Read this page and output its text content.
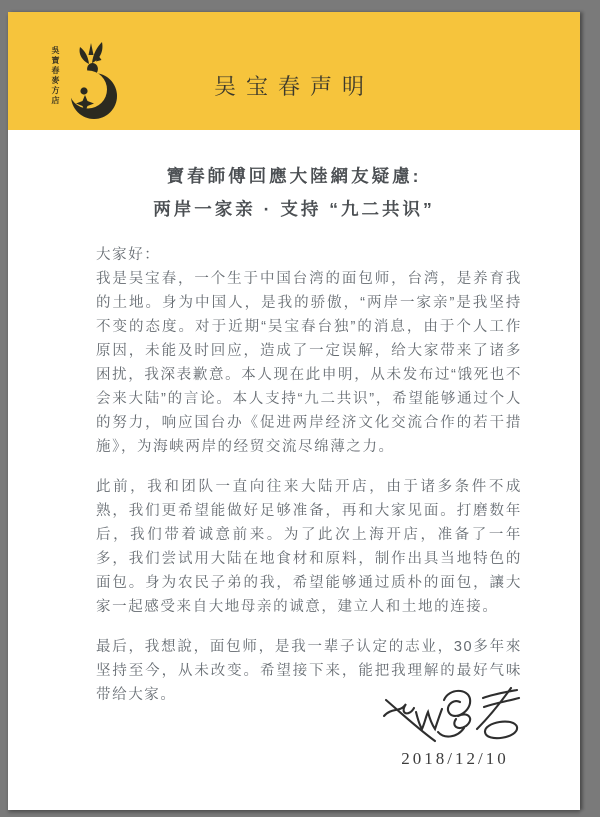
吳寶春麥方店	吴宝春声明
寶春師傅回應大陸網友疑慮:
两岸一家亲 · 支持 “九二共识”
大家好：

我是吴宝春，一个生于中国台湾的面包师，台湾，是养育我的土地。身为中国人，是我的骄傲，“两岸一家亲”是我坚持不变的态度。对于近期“吴宝春台独”的消息，由于个人工作原因，未能及时回应，造成了一定误解，给大家带来了诸多困扰，我深表歉意。本人现在此申明，从未发布过“饿死也不会来大陆”的言论。本人支持“九二共识”，希望能够通过个人的努力，响应国台办《促进两岸经济文化交流合作的若干措施》，为海峡两岸的经贸交流尽绵薄之力。

此前，我和团队一直向往来大陆开店，由于诸多条件不成熟，我们更希望能做好足够准备，再和大家见面。打磨数年后，我们带着诚意前来。为了此次上海开店，准备了一年多，我们尝试用大陆在地食材和原料，制作出具当地特色的面包。身为农民子弟的我，希望能够通过质朴的面包，讓大家一起感受来自大地母亲的诚意，建立人和土地的连接。

最后，我想說，面包师，是我一辈子认定的志业，30多年來坚持至今，从未改变。希望接下来，能把我理解的最好气味带给大家。

2018/12/10
